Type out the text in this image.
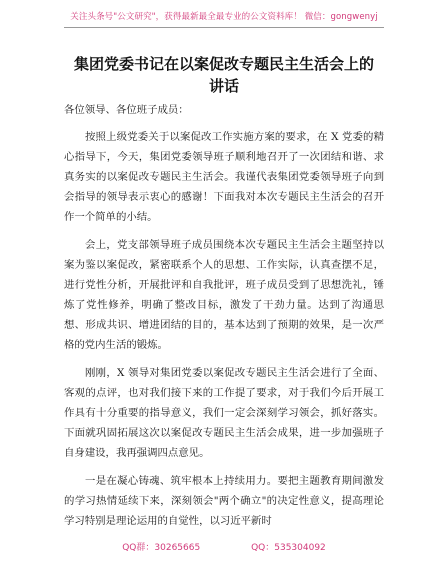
关注头条号"公文研究"，获得最新最全最专业的公文资料库！ 微信：gongwenyj
集团党委书记在以案促改专题民主生活会上的
讲话

各位领导、各位班子成员：

按照上级党委关于以案促改工作实施方案的要求，在 X 党委的精心指导下，今天，集团党委领导班子顺利地召开了一次团结和谐、求真务实的以案促改专题民主生活会。我谨代表集团党委领导班子向到会指导的领导表示衷心的感谢！下面我对本次专题民主生活会的召开作一个简单的小结。

会上，党支部领导班子成员围绕本次专题民主生活会主题坚持以案为鉴以案促改，紧密联系个人的思想、工作实际，认真查摆不足，进行党性分析，开展批评和自我批评，班子成员受到了思想洗礼，锤炼了党性修养，明确了整改目标，激发了干劲力量。达到了沟通思想、形成共识、增进团结的目的，基本达到了预期的效果，是一次严格的党内生活的锻炼。

刚刚，X 领导对集团党委以案促改专题民主生活会进行了全面、客观的点评，也对我们接下来的工作提了要求，对于我们今后开展工作具有十分重要的指导意义，我们一定会深刻学习领会，抓好落实。下面就巩固拓展这次以案促改专题民主生活会成果，进一步加强班子自身建设，我再强调四点意见。

一是在凝心铸魂、筑牢根本上持续用力。要把主题教育期间激发的学习热情延续下来，深刻领会"两个确立"的决定性意义，提高理论学习特别是理论运用的自觉性，以习近平新时

QQ群：30265665	QQ：535304092
